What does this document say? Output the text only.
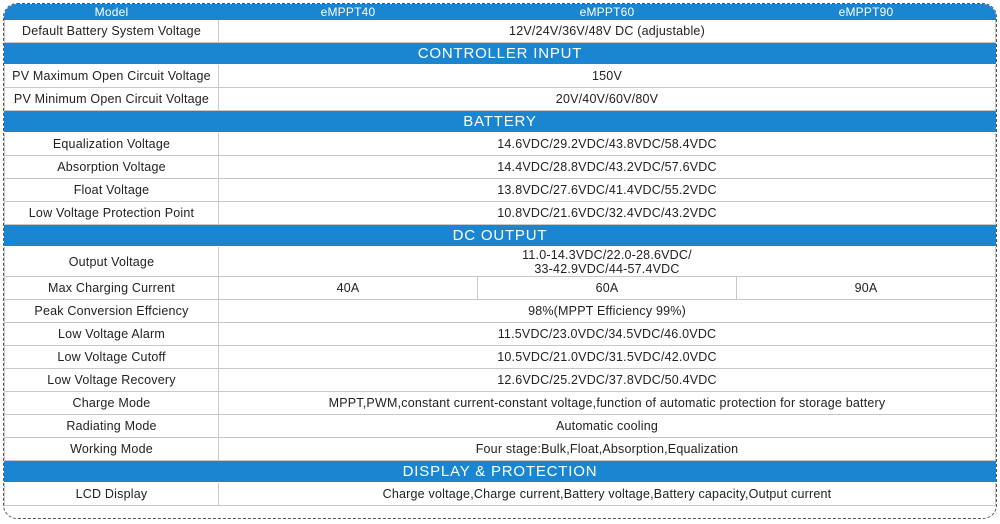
Model	eMPPT40	eMPPT60	eMPPT90
Default Battery System Voltage	12V/24V/36V/48V DC (adjustable)		
CONTROLLER INPUT			
PV Maximum Open Circuit Voltage	150V		
PV Minimum Open Circuit Voltage	20V/40V/60V/80V		
BATTERY			
Equalization Voltage	14.6VDC/29.2VDC/43.8VDC/58.4VDC		
Absorption Voltage	14.4VDC/28.8VDC/43.2VDC/57.6VDC		
Float Voltage	13.8VDC/27.6VDC/41.4VDC/55.2VDC		
Low Voltage Protection Point	10.8VDC/21.6VDC/32.4VDC/43.2VDC		
DC OUTPUT			
Output Voltage	11.0-14.3VDC/22.0-28.6VDC/
33-42.9VDC/44-57.4VDC		

Max Charging Current	40A	60A	90A
Peak Conversion Effciency	98%(MPPT Efficiency 99%)		
Low Voltage Alarm	11.5VDC/23.0VDC/34.5VDC/46.0VDC		
Low Voltage Cutoff	10.5VDC/21.0VDC/31.5VDC/42.0VDC		
Low Voltage Recovery	12.6VDC/25.2VDC/37.8VDC/50.4VDC		
Charge Mode	MPPT,PWM,constant current-constant voltage,function of automatic protection for storage battery		
Radiating Mode	Automatic cooling		
Working Mode	Four stage:Bulk,Float,Absorption,Equalization		
DISPLAY & PROTECTION			
LCD Display	Charge voltage,Charge current,Battery voltage,Battery capacity,Output current		
